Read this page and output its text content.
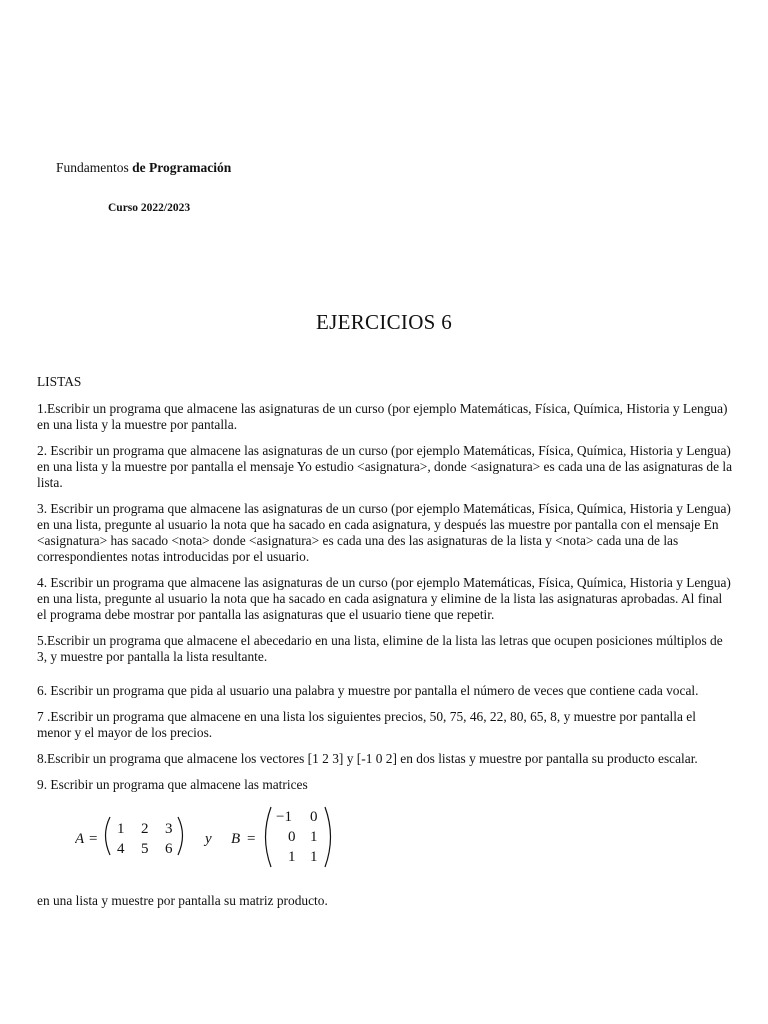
Fundamentos de Programación
Curso 2022/2023
EJERCICIOS 6
LISTAS
1.Escribir un programa que almacene las asignaturas de un curso (por ejemplo Matemáticas, Física, Química, Historia y Lengua) en una lista y la muestre por pantalla.
2. Escribir un programa que almacene las asignaturas de un curso (por ejemplo Matemáticas, Física, Química, Historia y Lengua) en una lista y la muestre por pantalla el mensaje Yo estudio <asignatura>, donde <asignatura> es cada una de las asignaturas de la lista.
3. Escribir un programa que almacene las asignaturas de un curso (por ejemplo Matemáticas, Física, Química, Historia y Lengua) en una lista, pregunte al usuario la nota que ha sacado en cada asignatura, y después las muestre por pantalla con el mensaje En <asignatura> has sacado <nota> donde <asignatura> es cada una des las asignaturas de la lista y <nota> cada una de las correspondientes notas introducidas por el usuario.
4. Escribir un programa que almacene las asignaturas de un curso (por ejemplo Matemáticas, Física, Química, Historia y Lengua) en una lista, pregunte al usuario la nota que ha sacado en cada asignatura y elimine de la lista las asignaturas aprobadas. Al final el programa debe mostrar por pantalla las asignaturas que el usuario tiene que repetir.
5.Escribir un programa que almacene el abecedario en una lista, elimine de la lista las letras que ocupen posiciones múltiplos de 3, y muestre por pantalla la lista resultante.
6. Escribir un programa que pida al usuario una palabra y muestre por pantalla el número de veces que contiene cada vocal.
7 .Escribir un programa que almacene en una lista los siguientes precios, 50, 75, 46, 22, 80, 65, 8, y muestre por pantalla el menor y el mayor de los precios.
8.Escribir un programa que almacene los vectores [1 2 3] y [-1 0 2] en dos listas y muestre por pantalla su producto escalar.
9. Escribir un programa que almacene las matrices
A =
1 2 3
4 5 6
y B =
−1 0
0 1
1 1
en una lista y muestre por pantalla su matriz producto.
